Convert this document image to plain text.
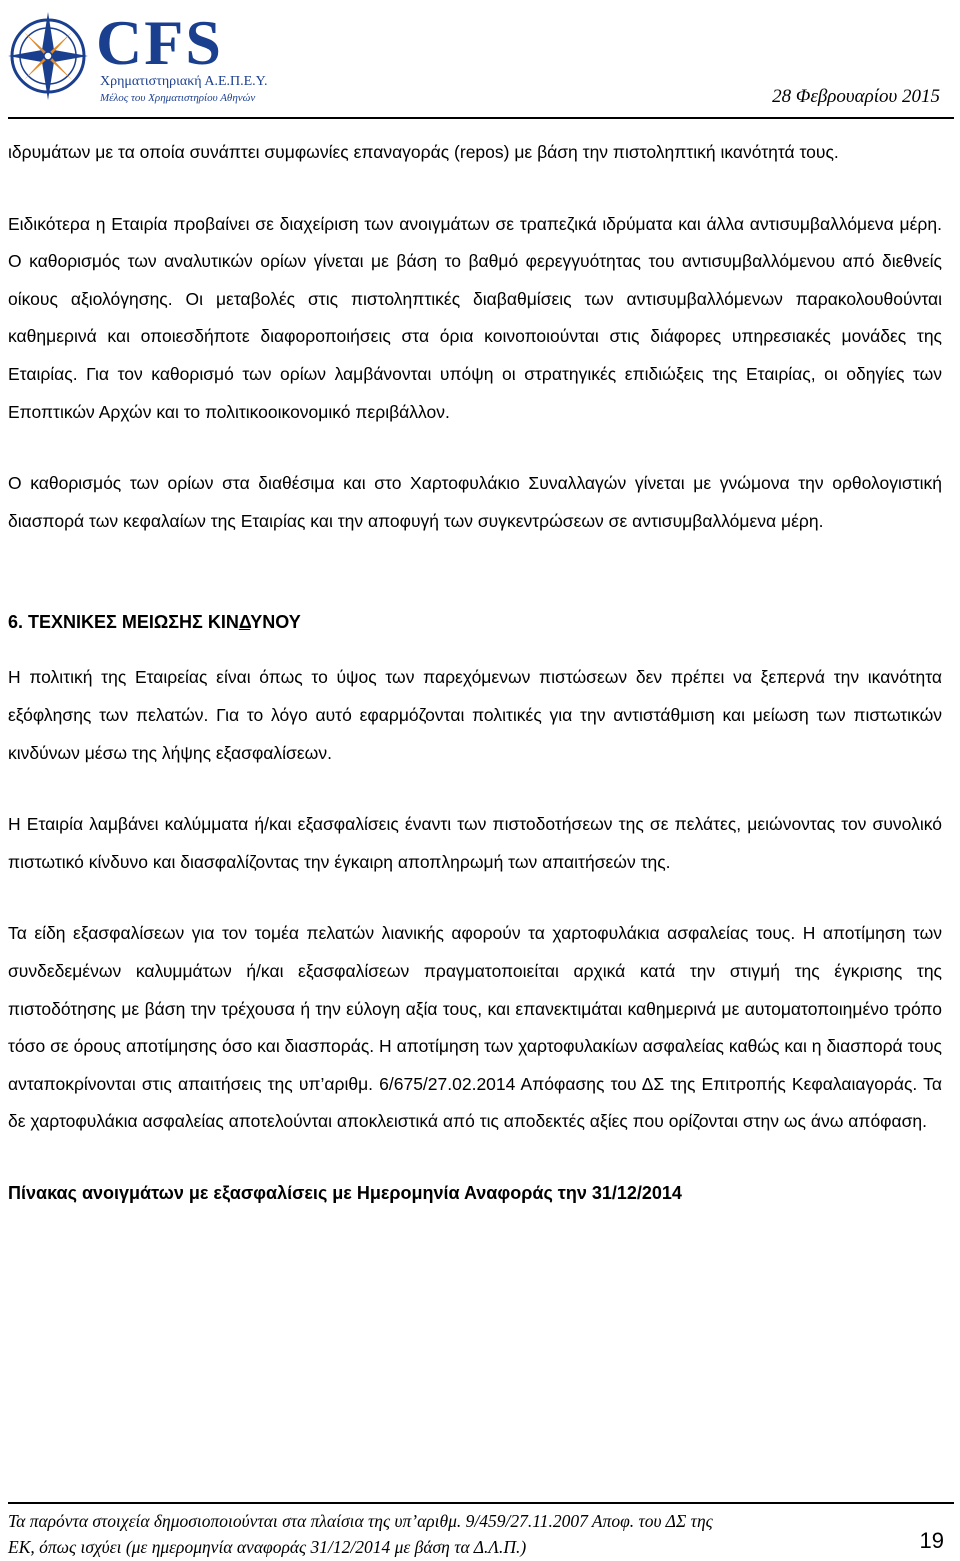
CFS
Χρηματιστηριακή Α.Ε.Π.Ε.Υ.
Μέλος του Χρηματιστηρίου Αθηνών	28 Φεβρουαρίου 2015

ιδρυμάτων με τα οποία συνάπτει συμφωνίες επαναγοράς (repos) με βάση την πιστοληπτική ικανότητά τους.

Ειδικότερα η Εταιρία προβαίνει σε διαχείριση των ανοιγμάτων σε τραπεζικά ιδρύματα και άλλα αντισυμβαλλόμενα μέρη. Ο καθορισμός των αναλυτικών ορίων γίνεται με βάση το βαθμό φερεγγυότητας του αντισυμβαλλόμενου από διεθνείς οίκους αξιολόγησης. Οι μεταβολές στις πιστοληπτικές διαβαθμίσεις των αντισυμβαλλόμενων παρακολουθούνται καθημερινά και οποιεσδήποτε διαφοροποιήσεις στα όρια κοινοποιούνται στις διάφορες υπηρεσιακές μονάδες της Εταιρίας. Για τον καθορισμό των ορίων λαμβάνονται υπόψη οι στρατηγικές επιδιώξεις της Εταιρίας, οι οδηγίες των Εποπτικών Αρχών και το πολιτικοοικονομικό περιβάλλον.

Ο καθορισμός των ορίων στα διαθέσιμα και στο Χαρτοφυλάκιο Συναλλαγών γίνεται με γνώμονα την ορθολογιστική διασπορά των κεφαλαίων της Εταιρίας και την αποφυγή των συγκεντρώσεων σε αντισυμβαλλόμενα μέρη.

6. ΤΕΧΝΙΚΕΣ ΜΕΙΩΣΗΣ ΚΙΝΔΥΝΟΥ

Η πολιτική της Εταιρείας είναι όπως το ύψος των παρεχόμενων πιστώσεων δεν πρέπει να ξεπερνά την ικανότητα εξόφλησης των πελατών. Για το λόγο αυτό εφαρμόζονται πολιτικές για την αντιστάθμιση και μείωση των πιστωτικών κινδύνων μέσω της λήψης εξασφαλίσεων.

Η Εταιρία λαμβάνει καλύμματα ή/και εξασφαλίσεις έναντι των πιστοδοτήσεων της σε πελάτες, μειώνοντας τον συνολικό πιστωτικό κίνδυνο και διασφαλίζοντας την έγκαιρη αποπληρωμή των απαιτήσεών της.

Τα είδη εξασφαλίσεων για τον τομέα πελατών λιανικής αφορούν τα χαρτοφυλάκια ασφαλείας τους. Η αποτίμηση των συνδεδεμένων καλυμμάτων ή/και εξασφαλίσεων πραγματοποιείται αρχικά κατά την στιγμή της έγκρισης της πιστοδότησης με βάση την τρέχουσα ή την εύλογη αξία τους, και επανεκτιμάται καθημερινά με αυτοματοποιημένο τρόπο τόσο σε όρους αποτίμησης όσο και διασποράς. Η αποτίμηση των χαρτοφυλακίων ασφαλείας καθώς και η διασπορά τους ανταποκρίνονται στις απαιτήσεις της υπ’αριθμ. 6/675/27.02.2014 Απόφασης του ΔΣ της Επιτροπής Κεφαλαιαγοράς. Τα δε χαρτοφυλάκια ασφαλείας αποτελούνται αποκλειστικά από τις αποδεκτές αξίες που ορίζονται στην ως άνω απόφαση.

Πίνακας ανοιγμάτων με εξασφαλίσεις με Ημερομηνία Αναφοράς την 31/12/2014

Τα παρόντα στοιχεία δημοσιοποιούνται στα πλαίσια της υπ’αριθμ. 9/459/27.11.2007 Αποφ. του ΔΣ της
ΕΚ, όπως ισχύει (με ημερομηνία αναφοράς 31/12/2014 με βάση τα Δ.Λ.Π.)	19
